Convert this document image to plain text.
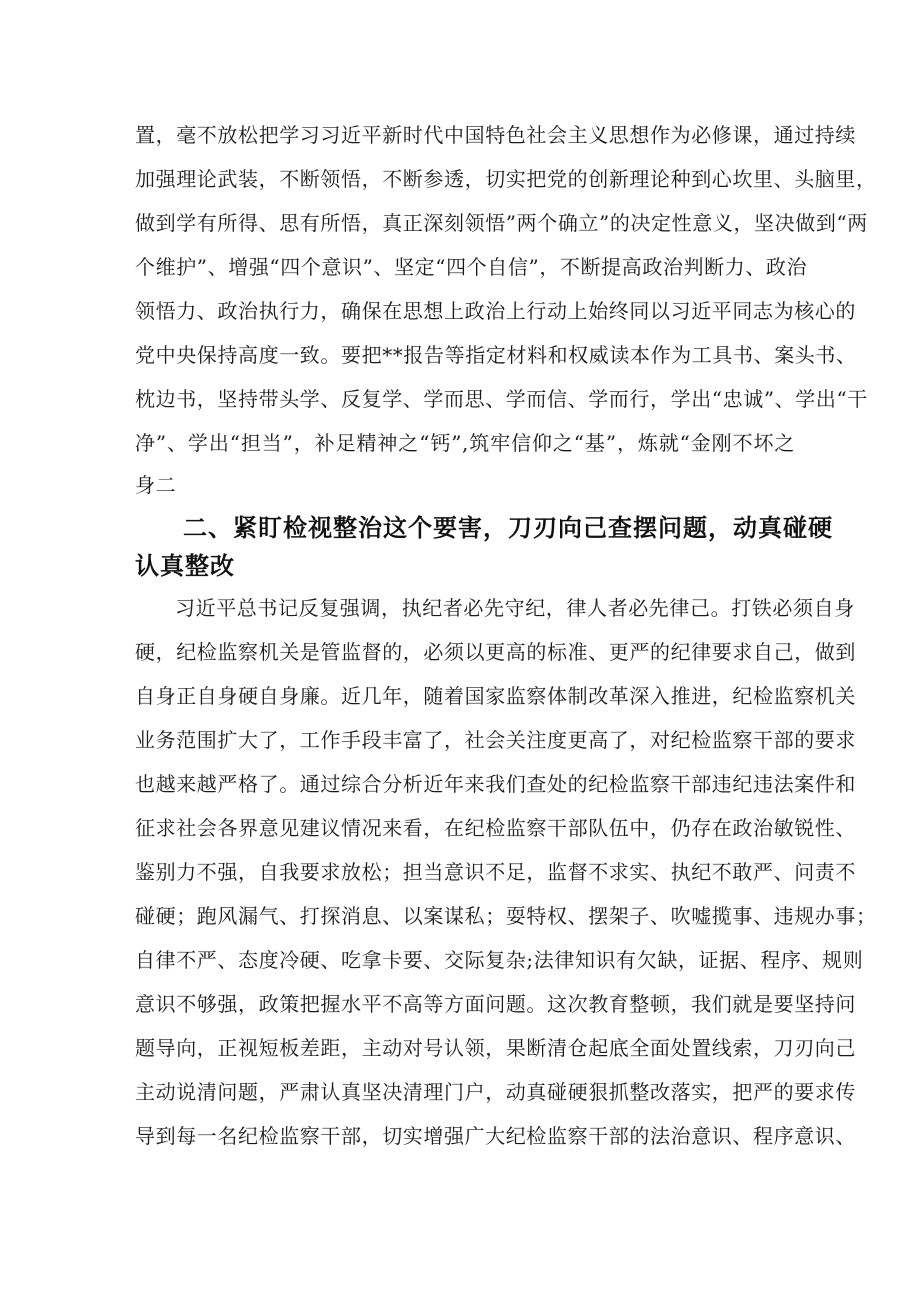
置，毫不放松把学习习近平新时代中国特色社会主义思想作为必修课，通过持续
加强理论武装，不断领悟，不断参透，切实把党的创新理论种到心坎里、头脑里，
做到学有所得、思有所悟，真正深刻领悟”两个确立”的决定性意义，坚决做到“两
个维护”、增强“四个意识”、坚定“四个自信”，不断提高政治判断力、政治
领悟力、政治执行力，确保在思想上政治上行动上始终同以习近平同志为核心的
党中央保持高度一致。要把**报告等指定材料和权威读本作为工具书、案头书、
枕边书，坚持带头学、反复学、学而思、学而信、学而行，学出“忠诚”、学出“干
净”、学出“担当”，补足精神之“钙”,筑牢信仰之“基”，炼就“金刚不坏之
身二
二、紧盯检视整治这个要害，刀刃向己查摆问题，动真碰硬
认真整改
习近平总书记反复强调，执纪者必先守纪，律人者必先律己。打铁必须自身
硬，纪检监察机关是管监督的，必须以更高的标准、更严的纪律要求自己，做到
自身正自身硬自身廉。近几年，随着国家监察体制改革深入推进，纪检监察机关
业务范围扩大了，工作手段丰富了，社会关注度更高了，对纪检监察干部的要求
也越来越严格了。通过综合分析近年来我们查处的纪检监察干部违纪违法案件和
征求社会各界意见建议情况来看，在纪检监察干部队伍中，仍存在政治敏锐性、
鉴别力不强，自我要求放松；担当意识不足，监督不求实、执纪不敢严、问责不
碰硬；跑风漏气、打探消息、以案谋私；耍特权、摆架子、吹嘘揽事、违规办事；
自律不严、态度冷硬、吃拿卡要、交际复杂;法律知识有欠缺，证据、程序、规则
意识不够强，政策把握水平不高等方面问题。这次教育整顿，我们就是要坚持问
题导向，正视短板差距，主动对号认领，果断清仓起底全面处置线索，刀刃向己
主动说清问题，严肃认真坚决清理门户，动真碰硬狠抓整改落实，把严的要求传
导到每一名纪检监察干部，切实增强广大纪检监察干部的法治意识、程序意识、
